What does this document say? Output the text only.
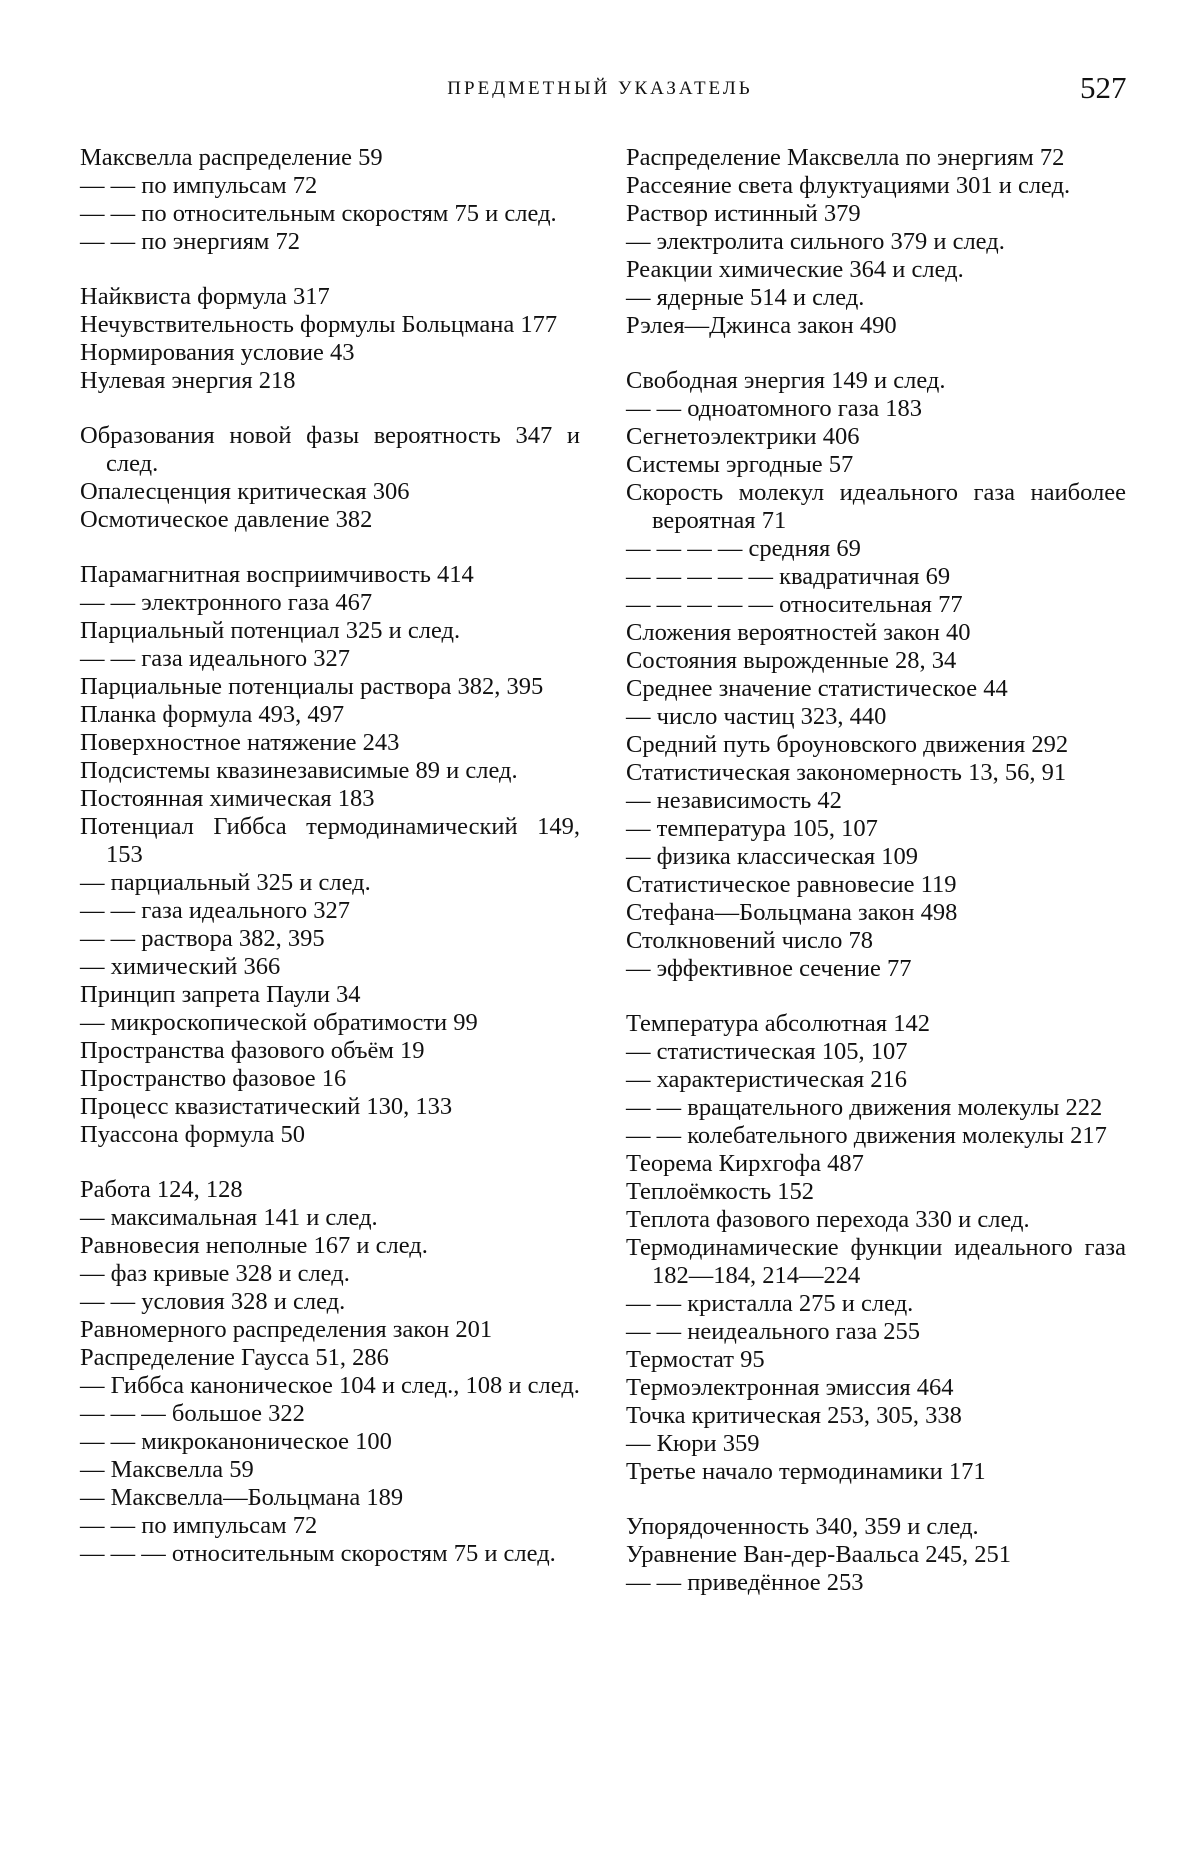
ПРЕДМЕТНЫЙ УКАЗАТЕЛЬ	527

Максвелла распределение 59

— — по импульсам 72

— — по относительным скоростям 75 и след.

— — по энергиям 72

Найквиста формула 317

Нечувствительность формулы Больцмана 177

Нормирования условие 43

Нулевая энергия 218

Образования новой фазы вероятность 347 и след.

Опалесценция критическая 306

Осмотическое давление 382

Парамагнитная восприимчивость 414

— — электронного газа 467

Парциальный потенциал 325 и след.

— — газа идеального 327

Парциальные потенциалы раствора 382, 395

Планка формула 493, 497

Поверхностное натяжение 243

Подсистемы квазинезависимые 89 и след.

Постоянная химическая 183

Потенциал Гиббса термодинамический 149, 153

— парциальный 325 и след.

— — газа идеального 327

— — раствора 382, 395

— химический 366

Принцип запрета Паули 34

— микроскопической обратимости 99

Пространства фазового объём 19

Пространство фазовое 16

Процесс квазистатический 130, 133

Пуассона формула 50

Работа 124, 128

— максимальная 141 и след.

Равновесия неполные 167 и след.

— фаз кривые 328 и след.

— — условия 328 и след.

Равномерного распределения закон 201

Распределение Гаусса 51, 286

— Гиббса каноническое 104 и след., 108 и след.

— — — большое 322

— — микроканоническое 100

— Максвелла 59

— Максвелла—Больцмана 189

— — по импульсам 72

— — — относительным скоростям 75 и след.

Распределение Максвелла по энергиям 72

Рассеяние света флуктуациями 301 и след.

Раствор истинный 379

— электролита сильного 379 и след.

Реакции химические 364 и след.

— ядерные 514 и след.

Рэлея—Джинса закон 490

Свободная энергия 149 и след.

— — одноатомного газа 183

Сегнетоэлектрики 406

Системы эргодные 57

Скорость молекул идеального газа наиболее вероятная 71

— — — — средняя 69

— — — — — квадратичная 69

— — — — — относительная 77

Сложения вероятностей закон 40

Состояния вырожденные 28, 34

Среднее значение статистическое 44

— число частиц 323, 440

Средний путь броуновского движения 292

Статистическая закономерность 13, 56, 91

— независимость 42

— температура 105, 107

— физика классическая 109

Статистическое равновесие 119

Стефана—Больцмана закон 498

Столкновений число 78

— эффективное сечение 77

Температура абсолютная 142

— статистическая 105, 107

— характеристическая 216

— — вращательного движения молекулы 222

— — колебательного движения молекулы 217

Теорема Кирхгофа 487

Теплоёмкость 152

Теплота фазового перехода 330 и след.

Термодинамические функции идеального газа 182—184, 214—224

— — кристалла 275 и след.

— — неидеального газа 255

Термостат 95

Термоэлектронная эмиссия 464

Точка критическая 253, 305, 338

— Кюри 359

Третье начало термодинамики 171

Упорядоченность 340, 359 и след.

Уравнение Ван-дер-Ваальса 245, 251

— — приведённое 253
